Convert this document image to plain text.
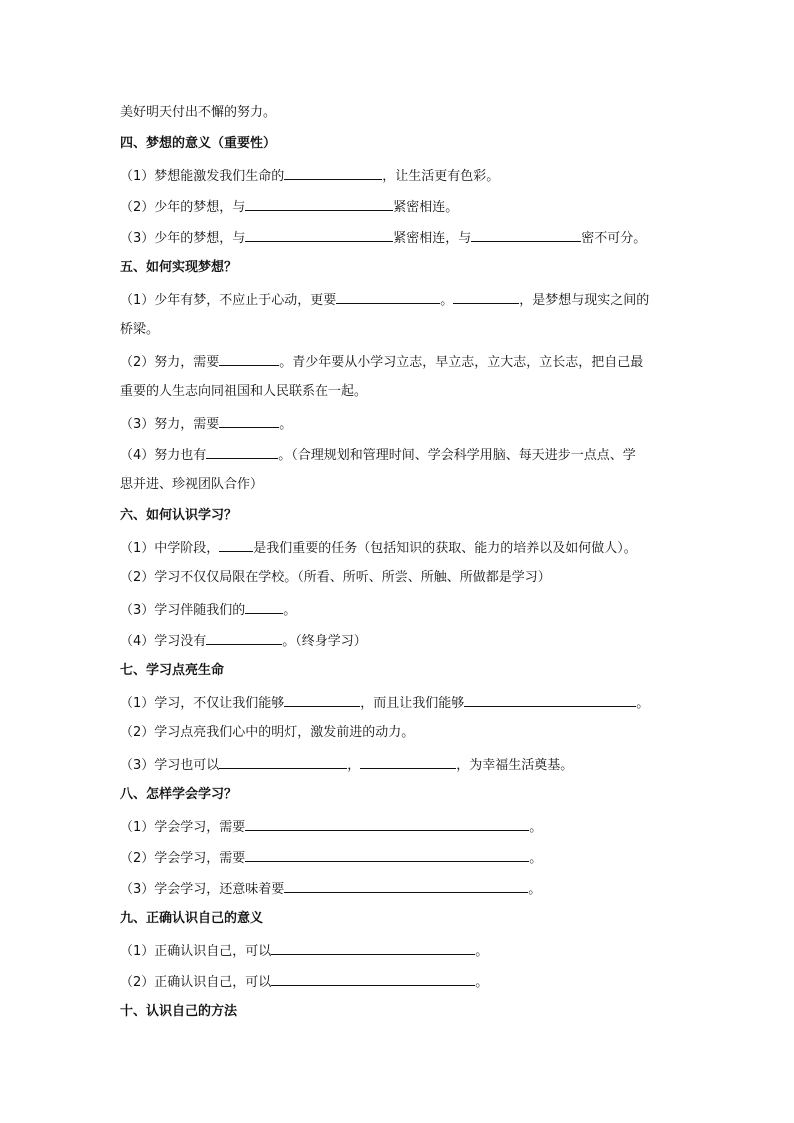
美好明天付出不懈的努力。
四、梦想的意义（重要性）
（1）梦想能激发我们生命的	，让生活更有色彩。
（2）少年的梦想，与	紧密相连。
（3）少年的梦想，与	紧密相连，与	密不可分。
五、如何实现梦想？
（1）少年有梦，不应止于心动，更要	。	，是梦想与现实之间的
桥梁。
（2）努力，需要	。青少年要从小学习立志，早立志，立大志，立长志，把自己最
重要的人生志向同祖国和人民联系在一起。
（3）努力，需要	。
（4）努力也有	。（合理规划和管理时间、学会科学用脑、每天进步一点点、学
思并进、珍视团队合作）
六、如何认识学习？
（1）中学阶段，	是我们重要的任务（包括知识的获取、能力的培养以及如何做人）。
（2）学习不仅仅局限在学校。（所看、所听、所尝、所触、所做都是学习）
（3）学习伴随我们的	。
（4）学习没有	。（终身学习）
七、学习点亮生命
（1）学习，不仅让我们能够	，而且让我们能够	。
（2）学习点亮我们心中的明灯，激发前进的动力。
（3）学习也可以	，	，为幸福生活奠基。
八、怎样学会学习？
（1）学会学习，需要	。
（2）学会学习，需要	。
（3）学会学习，还意味着要	。
九、正确认识自己的意义
（1）正确认识自己，可以	。
（2）正确认识自己，可以	。
十、认识自己的方法
